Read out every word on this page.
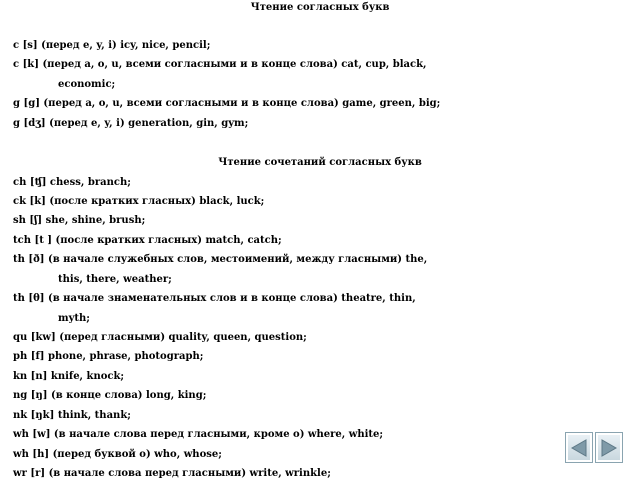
Чтение согласных букв
c [s] (перед e, y, i) icy, nice, pencil;
c [k] (перед a, o, u, всеми согласными и в конце слова) cat, cup, black,
economic;
g [g] (перед a, o, u, всеми согласными и в конце слова) game, green, big;
g [dʒ] (перед e, y, i) generation, gin, gym;
Чтение сочетаний согласных букв
ch [ʧ] chess, branch;
ck [k] (после кратких гласных) black, luck;
sh [ʃ] she, shine, brush;
tch [t ] (после кратких гласных) match, catch;
th [ð] (в начале служебных слов, местоимений, между гласными) the,
this, there, weather;
th [θ] (в начале знаменательных слов и в конце слова) theatre, thin,
myth;
qu [kw] (перед гласными) quality, queen, question;
ph [f] phone, phrase, photograph;
kn [n] knife, knock;
ng [ŋ] (в конце слова) long, king;
nk [ŋk] think, thank;
wh [w] (в начале слова перед гласными, кроме о) where, white;
wh [h] (перед буквой о) who, whose;
wr [r] (в начале слова перед гласными) write, wrinkle;
